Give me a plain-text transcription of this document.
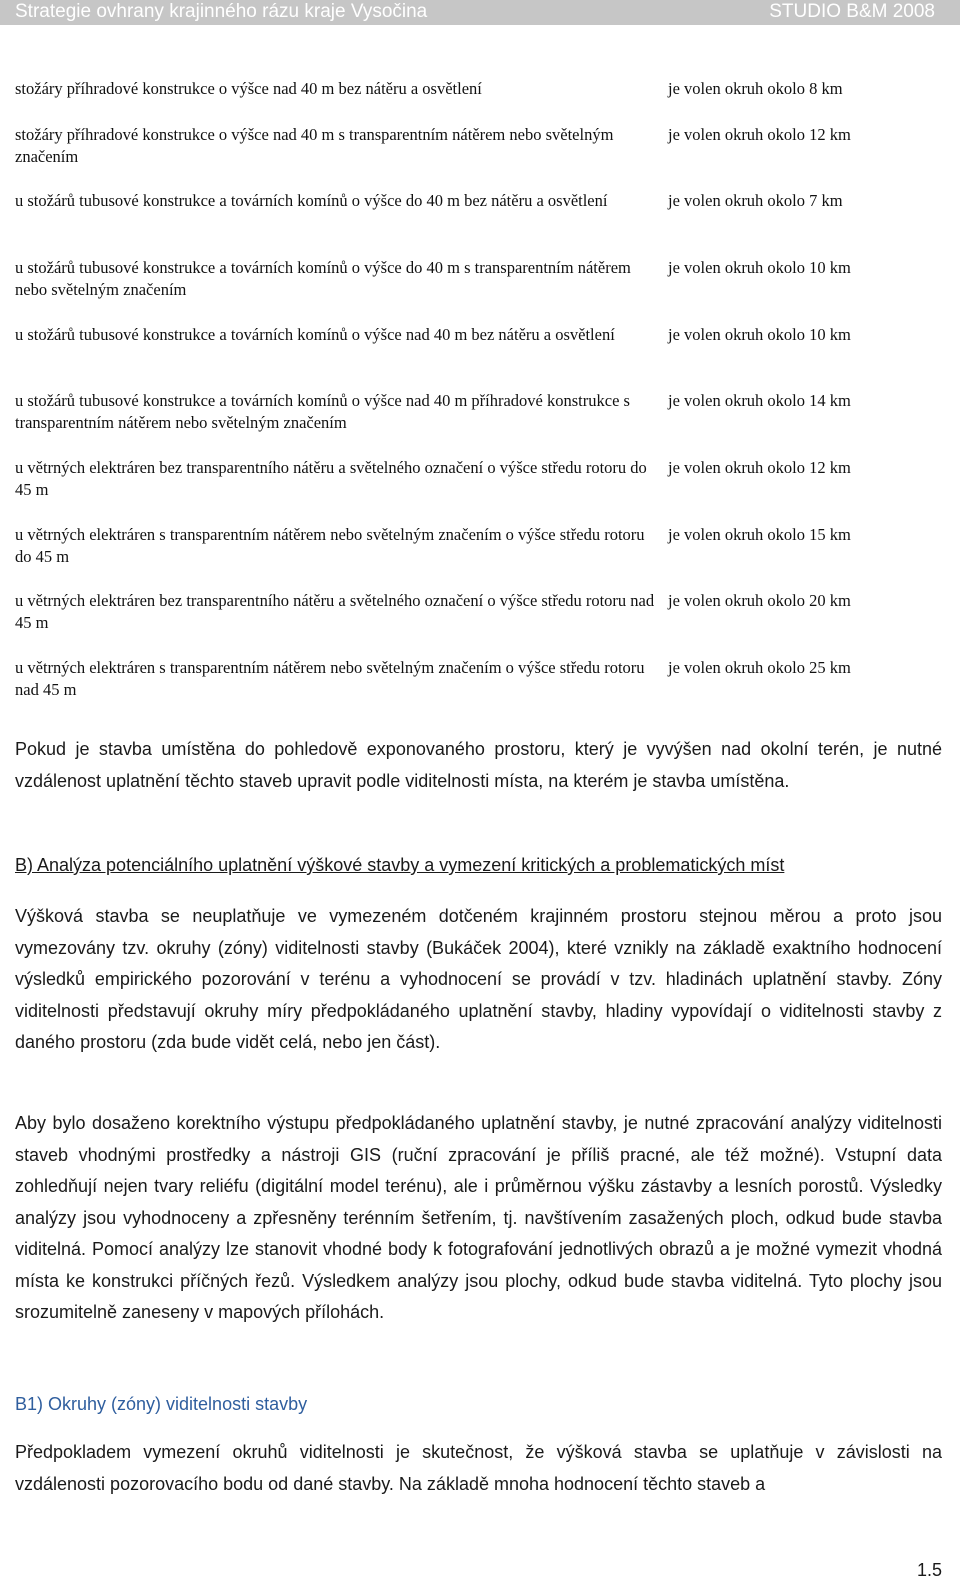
Strategie ovhrany krajinného rázu kraje Vysočina	STUDIO B&M 2008
stožáry příhradové konstrukce o výšce nad 40 m bez nátěru a osvětlení	je volen okruh okolo 8 km
stožáry příhradové konstrukce o výšce nad 40 m s transparentním nátěrem nebo světelným značením
je volen okruh okolo 12 km
u stožárů tubusové konstrukce a továrních komínů o výšce do 40 m bez nátěru a osvětlení	je volen okruh okolo 7 km
u stožárů tubusové konstrukce a továrních komínů o výšce do 40 m s transparentním nátěrem nebo světelným značením
je volen okruh okolo 10 km
u stožárů tubusové konstrukce a továrních komínů o výšce nad 40 m bez nátěru a osvětlení	je volen okruh okolo 10 km
u stožárů tubusové konstrukce a továrních komínů o výšce nad 40 m příhradové konstrukce s transparentním nátěrem nebo světelným značením
je volen okruh okolo 14 km
u větrných elektráren bez transparentního nátěru a světelného označení o výšce středu rotoru do 45 m
je volen okruh okolo 12 km
u větrných elektráren s transparentním nátěrem nebo světelným značením o výšce středu rotoru do 45 m
je volen okruh okolo 15 km
u větrných elektráren bez transparentního nátěru a světelného označení o výšce středu rotoru nad 45 m
je volen okruh okolo 20 km
u větrných elektráren s transparentním nátěrem nebo světelným značením o výšce středu rotoru nad 45 m
je volen okruh okolo 25 km

Pokud je stavba umístěna do pohledově exponovaného prostoru, který je vyvýšen nad okolní terén, je nutné vzdálenost uplatnění těchto staveb upravit podle viditelnosti místa, na kterém je stavba umístěna.

B) Analýza potenciálního uplatnění výškové stavby a vymezení kritických a problematických míst

Výšková stavba se neuplatňuje ve vymezeném dotčeném krajinném prostoru stejnou měrou a proto jsou vymezovány tzv. okruhy (zóny) viditelnosti stavby (Bukáček 2004), které vznikly na základě exaktního hodnocení výsledků empirického pozorování v terénu a vyhodnocení se provádí v tzv. hladinách uplatnění stavby. Zóny viditelnosti představují okruhy míry předpokládaného uplatnění stavby, hladiny vypovídají o viditelnosti stavby z daného prostoru (zda bude vidět celá, nebo jen část).

Aby bylo dosaženo korektního výstupu předpokládaného uplatnění stavby, je nutné zpracování analýzy viditelnosti staveb vhodnými prostředky a nástroji GIS (ruční zpracování je příliš pracné, ale též možné). Vstupní data zohledňují nejen tvary reliéfu (digitální model terénu), ale i průměrnou výšku zástavby a lesních porostů. Výsledky analýzy jsou vyhodnoceny a zpřesněny terénním šetřením, tj. navštívením zasažených ploch, odkud bude stavba viditelná. Pomocí analýzy lze stanovit vhodné body k fotografování jednotlivých obrazů a je možné vymezit vhodná místa ke konstrukci příčných řezů. Výsledkem analýzy jsou plochy, odkud bude stavba viditelná. Tyto plochy jsou srozumitelně zaneseny v mapových přílohách.

B1) Okruhy (zóny) viditelnosti stavby

Předpokladem vymezení okruhů viditelnosti je skutečnost, že výšková stavba se uplatňuje v závislosti na vzdálenosti pozorovacího bodu od dané stavby. Na základě mnoha hodnocení těchto staveb a

1.5
